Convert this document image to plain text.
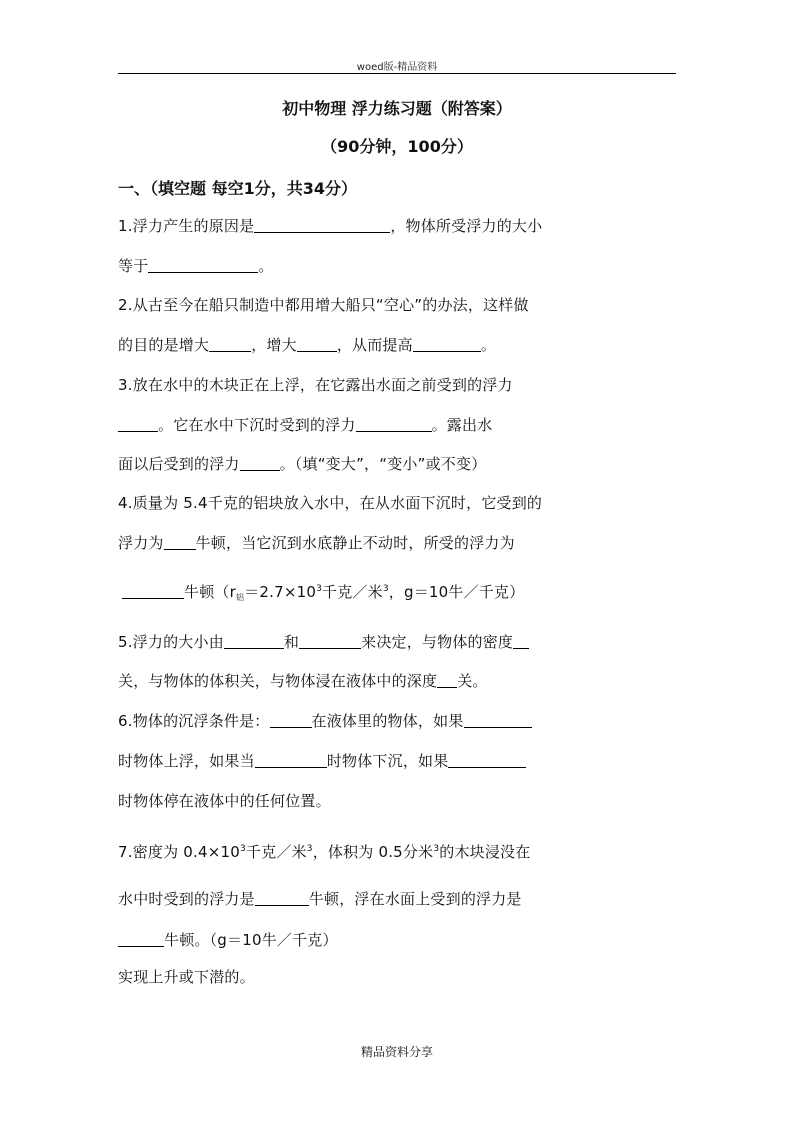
woed版-精品资料
初中物理 浮力练习题（附答案）
（90分钟，100分）
一、（填空题 每空1分，共34分）
1.浮力产生的原因是	，物体所受浮力的大小
等于	。
2.从古至今在船只制造中都用增大船只“空心”的办法，这样做
的目的是增大	，增大	，从而提高	。
3.放在水中的木块正在上浮，在它露出水面之前受到的浮力
。它在水中下沉时受到的浮力	。露出水
面以后受到的浮力	。（填“变大”，“变小”或不变）
4.质量为 5.4千克的铝块放入水中，在从水面下沉时，它受到的
浮力为 牛顿，当它沉到水底静止不动时，所受的浮力为
牛顿（$r_铝=2.7\times 10^3$千克／米$^3$，g＝10牛／千克）
5.浮力的大小由	和	来决定，与物体的密度
关，与物体的体积关，与物体浸在液体中的深度 关。
6.物体的沉浮条件是：	在液体里的物体，如果
时物体上浮，如果当	时物体下沉，如果
时物体停在液体中的任何位置。
7.密度为 $0.4\times 10^3$千克／米$^3$，体积为 0.5分米$^3$的木块浸没在
水中时受到的浮力是	牛顿，浮在水面上受到的浮力是
牛顿。（g＝10牛／千克）
实现上升或下潜的。
精品资料分享
